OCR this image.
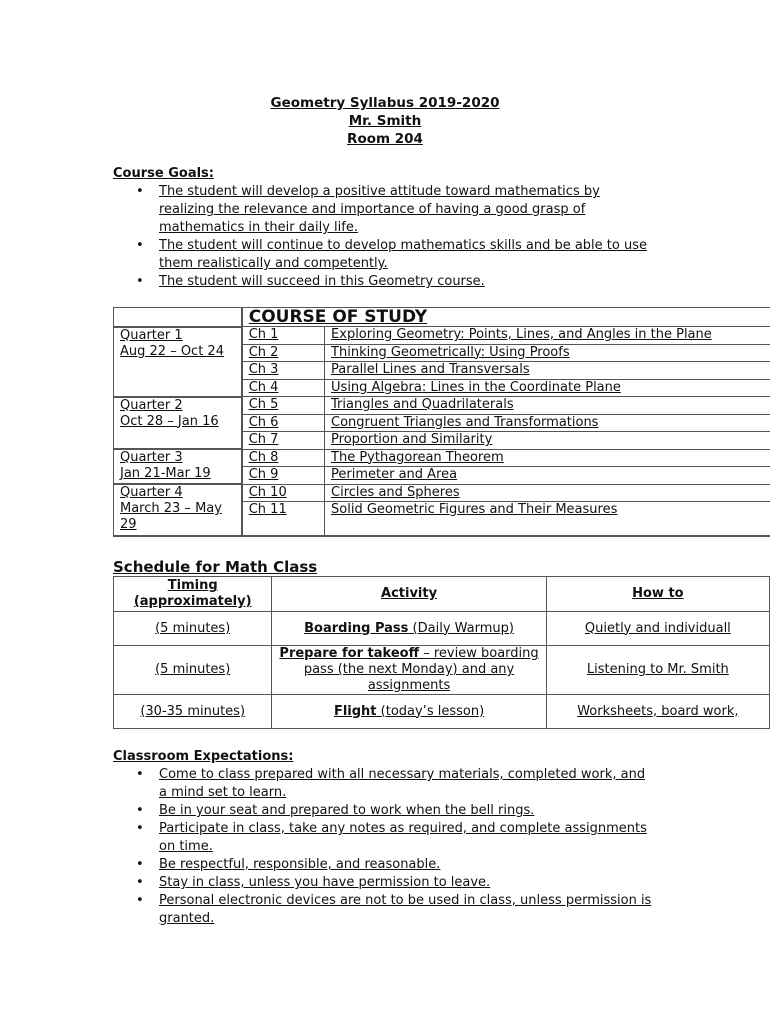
Geometry Syllabus 2019-2020
Mr. Smith
Room 204
Course Goals:
• The student will develop a positive attitude toward mathematics by realizing the relevance and importance of having a good grasp of mathematics in their daily life.
• The student will continue to develop mathematics skills and be able to use them realistically and competently.
• The student will succeed in this Geometry course.
	COURSE OF STUDY	
Quarter 1
Aug 22 – Oct 24	Ch 1	Exploring Geometry: Points, Lines, and Angles in the Plane
	Ch 2	Thinking Geometrically: Using Proofs
	Ch 3	Parallel Lines and Transversals
	Ch 4	Using Algebra: Lines in the Coordinate Plane
Quarter 2
Oct 28 – Jan 16	Ch 5	Triangles and Quadrilaterals
	Ch 6	Congruent Triangles and Transformations
	Ch 7	Proportion and Similarity
Quarter 3
Jan 21-Mar 19	Ch 8	The Pythagorean Theorem
	Ch 9	Perimeter and Area
Quarter 4
March 23 – May 29	Ch 10	Circles and Spheres
	Ch 11	Solid Geometric Figures and Their Measures

Schedule for Math Class
Timing (approximately)	Activity	How to
(5 minutes)	Boarding Pass (Daily Warmup)	Quietly and individuall
(5 minutes)	Prepare for takeoff – review boarding pass (the next Monday) and any assignments	Listening to Mr. Smith
(30-35 minutes)	Flight (today’s lesson)	Worksheets, board work,
Classroom Expectations:
• Come to class prepared with all necessary materials, completed work, and a mind set to learn.
• Be in your seat and prepared to work when the bell rings.
• Participate in class, take any notes as required, and complete assignments on time.
• Be respectful, responsible, and reasonable.
• Stay in class, unless you have permission to leave.
• Personal electronic devices are not to be used in class, unless permission is granted.
